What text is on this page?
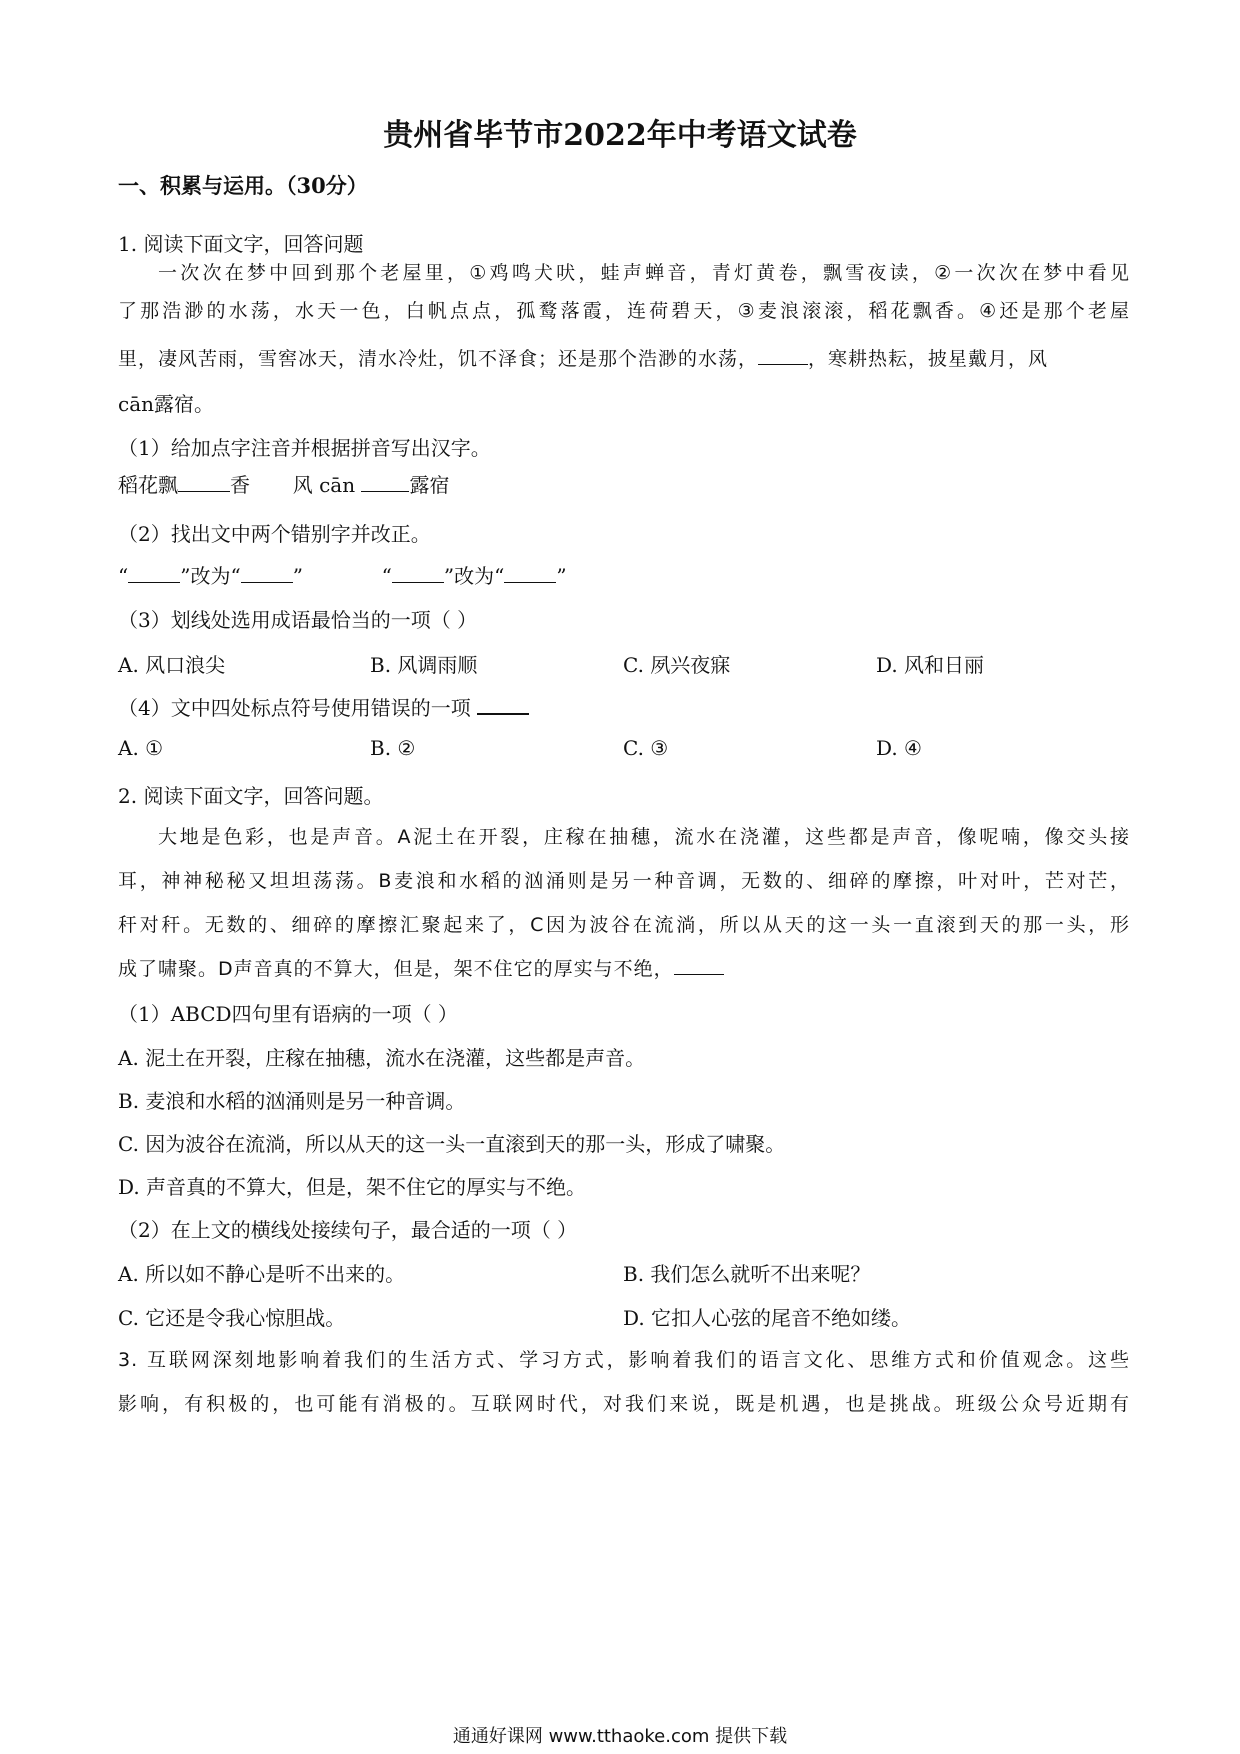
贵州省毕节市2022年中考语文试卷
一、积累与运用。（30分）
1. 阅读下面文字，回答问题
一次次在梦中回到那个老屋里，①鸡鸣犬吠，蛙声蝉音，青灯黄卷，飘雪夜读，②一次次在梦中看见
了那浩渺的水荡，水天一色，白帆点点，孤鹜落霞，连荷碧天，③麦浪滚滚，稻花飘香。④还是那个老屋
里，凄风苦雨，雪窖冰天，清水冷灶，饥不泽食；还是那个浩渺的水荡，	，寒耕热耘，披星戴月，风
cān露宿。
（1）给加点字注音并根据拼音写出汉字。
稻花飘	香 风 cān	露宿
（2）找出文中两个错别字并改正。
“	”改为“	”	“	”改为“	”
（3）划线处选用成语最恰当的一项（ ）
A. 风口浪尖	B. 风调雨顺	C. 夙兴夜寐	D. 风和日丽
（4）文中四处标点符号使用错误的一项
A. ①	B. ②	C. ③	D. ④
2. 阅读下面文字，回答问题。
大地是色彩，也是声音。A泥土在开裂，庄稼在抽穗，流水在浇灌，这些都是声音，像呢喃，像交头接
耳，神神秘秘又坦坦荡荡。B麦浪和水稻的汹涌则是另一种音调，无数的、细碎的摩擦，叶对叶，芒对芒，
秆对秆。无数的、细碎的摩擦汇聚起来了，C因为波谷在流淌，所以从天的这一头一直滚到天的那一头，形
成了啸聚。D声音真的不算大，但是，架不住它的厚实与不绝，
（1）ABCD四句里有语病的一项（ ）
A. 泥土在开裂，庄稼在抽穗，流水在浇灌，这些都是声音。
B. 麦浪和水稻的汹涌则是另一种音调。
C. 因为波谷在流淌，所以从天的这一头一直滚到天的那一头，形成了啸聚。
D. 声音真的不算大，但是，架不住它的厚实与不绝。
（2）在上文的横线处接续句子，最合适的一项（ ）
A. 所以如不静心是听不出来的。	B. 我们怎么就听不出来呢？
C. 它还是令我心惊胆战。	D. 它扣人心弦的尾音不绝如缕。
3. 互联网深刻地影响着我们的生活方式、学习方式，影响着我们的语言文化、思维方式和价值观念。这些
影响，有积极的，也可能有消极的。互联网时代，对我们来说，既是机遇，也是挑战。班级公众号近期有
通通好课网 www.tthaoke.com 提供下载
